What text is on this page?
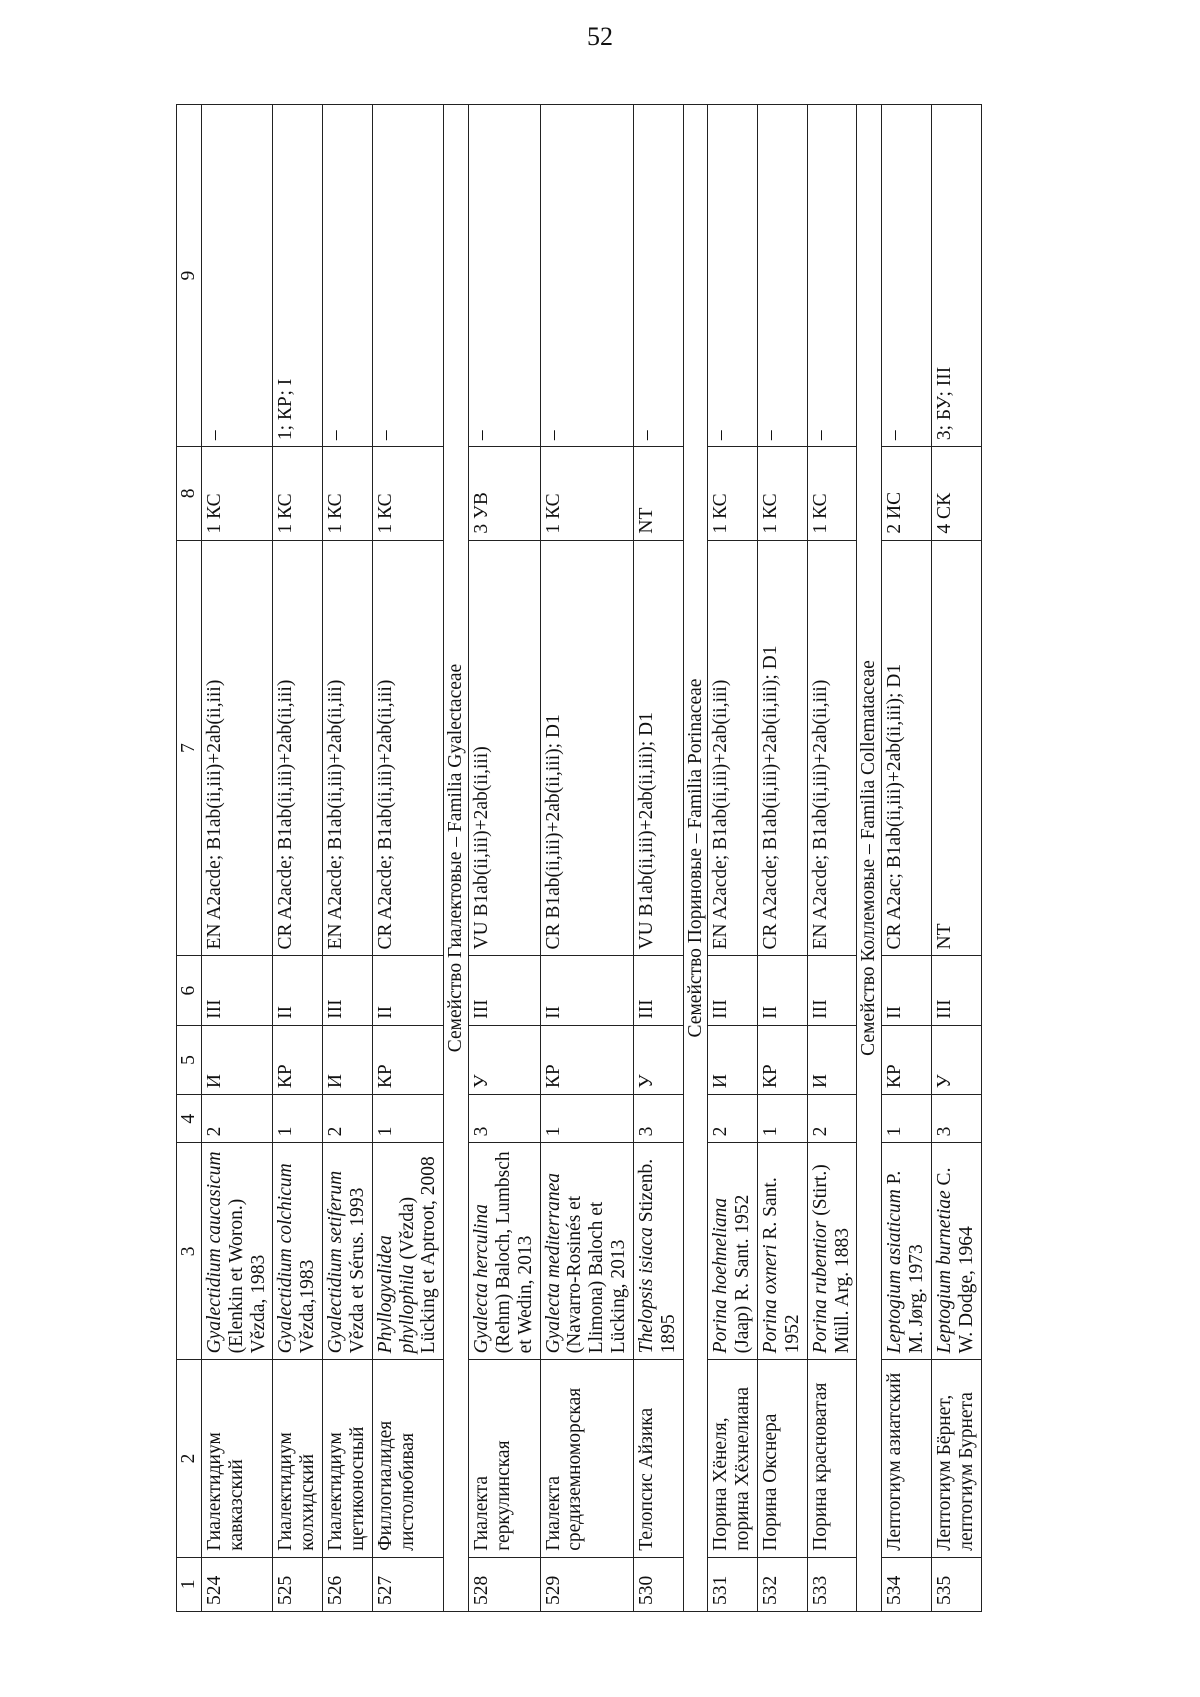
52
1	2	3	4	5	6	7	8	9
524	Гиалектидиум кавказский	Gyalectidium caucasicum (Elenkin et Woron.) Vězda, 1983	2	И	III	EN A2acde; B1ab(ii,iii)+2ab(ii,iii)	1 КС	–
525	Гиалектидиум колхидский	Gyalectidium colchicum Vězda,1983	1	КР	II	CR A2acde; B1ab(ii,iii)+2ab(ii,iii)	1 КС	1; КР; I
526	Гиалектидиум щетиконосный	Gyalectidium setiferum Vězda et Sérus. 1993	2	И	III	EN A2acde; B1ab(ii,iii)+2ab(ii,iii)	1 КС	–
527	Филлогиалидея листолюбивая	Phyllogyalidea phyllophila (Vězda) Lücking et Aptroot, 2008	1	КР	II	CR A2acde; B1ab(ii,iii)+2ab(ii,iii)	1 КС	–
Семейство Гиалектовые – Familia Gyalectaceae								
528	Гиалекта геркулинская	Gyalecta herculina (Rehm) Baloch, Lumbsch et Wedin, 2013	3	У	III	VU B1ab(ii,iii)+2ab(ii,iii)	3 УВ	–
529	Гиалекта средиземноморская	Gyalecta mediterranea (Navarro-Rosinés et Llimona) Baloch et Lücking, 2013	1	КР	II	CR B1ab(ii,iii)+2ab(ii,iii); D1	1 КС	–
530	Телопсис Айзика	Thelopsis isiaca Stizenb. 1895	3	У	III	VU B1ab(ii,iii)+2ab(ii,iii); D1	NT	–
Семейство Пориновые – Familia Porinaceae								
531	Порина Хёнеля, порина Хёхнелиана	Porina hoehneliana (Jaap) R. Sant. 1952	2	И	III	EN A2acde; B1ab(ii,iii)+2ab(ii,iii)	1 КС	–
532	Порина Окснера	Porina oxneri R. Sant. 1952	1	КР	II	CR A2acde; B1ab(ii,iii)+2ab(ii,iii); D1	1 КС	–
533	Порина красноватая	Porina rubentior (Stirt.) Müll. Arg. 1883	2	И	III	EN A2acde; B1ab(ii,iii)+2ab(ii,iii)	1 КС	–
Семейство Коллемовые – Familia Collemataceae								
534	Лептогиум азиатский	Leptogium asiaticum P. M. Jørg. 1973	1	КР	II	CR A2ac; B1ab(ii,iii)+2ab(ii,iii); D1	2 ИС	–
535	Лептогиум Бёрнет, лептогиум Бурнета	Leptogium burnetiae C. W. Dodge, 1964	3	У	III	NT	4 СК	3; БУ; III
